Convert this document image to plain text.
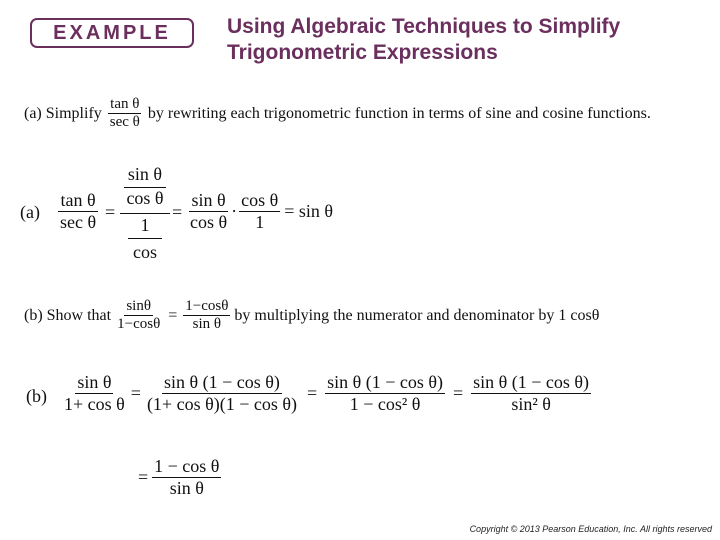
EXAMPLE	Using Algebraic Techniques to Simplify
Trigonometric Expressions
(a) Simplify $\frac{\text{tan θ}}{\text{sec θ}}$ by rewriting each trigonometric function in terms of sine and cosine functions.
$(a) \frac{\text{tan θ}}{\text{sec θ}}$ =
sin θ
cos θ
1
cos
= $\frac{\text{sin θ}}{\text{cos θ}} \cdot \frac{\text{cos θ}}{1} = \sin \theta$
(b) Show that $\frac{\sin\theta}{1-\cos\theta} = \frac{1-\cos\theta}{\text{sin θ}}$ by multiplying the numerator and denominator by 1 cosθ
$(b) \frac{\text{sin θ}}{\text{1+ cos θ}} = \frac{\text{sin θ (1 − cos θ)}}{\text{(1+ cos θ)(1 − cos θ)}} = \frac{\text{sin θ (1 − cos θ)}}{\text{1 − cos² θ}} = \frac{\text{sin θ (1 − cos θ)}}{\text{sin² θ}}$
= $\frac{\text{1 − cos θ}}{\text{sin θ}}$
Copyright © 2013 Pearson Education, Inc. All rights reserved
